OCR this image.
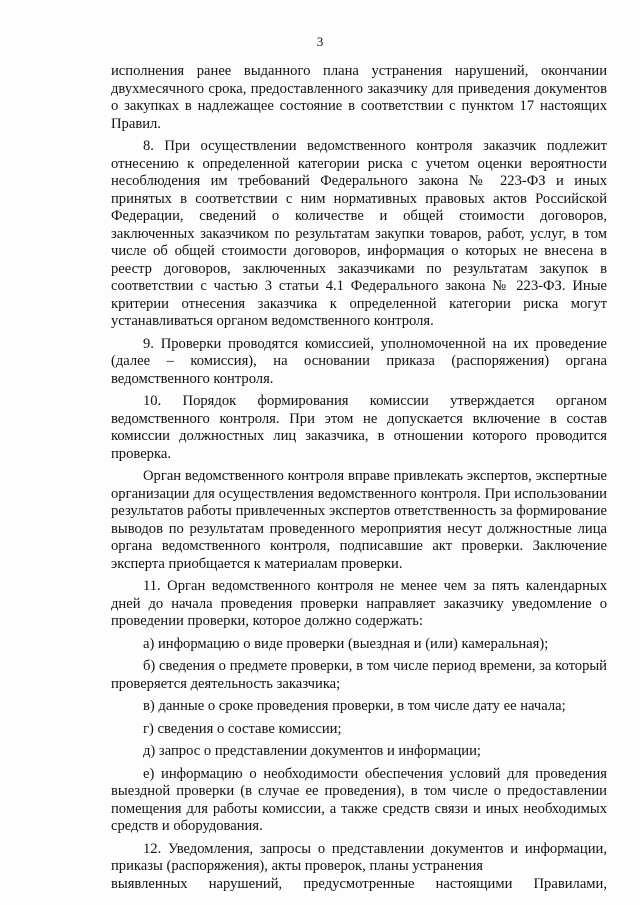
3

исполнения ранее выданного плана устранения нарушений, окончании двухмесячного срока, предоставленного заказчику для приведения документов о закупках в надлежащее состояние в соответствии с пунктом 17 настоящих Правил.

8. При осуществлении ведомственного контроля заказчик подлежит отнесению к определенной категории риска с учетом оценки вероятности несоблюдения им требований Федерального закона № 223-ФЗ и иных принятых в соответствии с ним нормативных правовых актов Российской Федерации, сведений о количестве и общей стоимости договоров, заключенных заказчиком по результатам закупки товаров, работ, услуг, в том числе об общей стоимости договоров, информация о которых не внесена в реестр договоров, заключенных заказчиками по результатам закупок в соответствии с частью 3 статьи 4.1 Федерального закона № 223-ФЗ. Иные критерии отнесения заказчика к определенной категории риска могут устанавливаться органом ведомственного контроля.

9. Проверки проводятся комиссией, уполномоченной на их проведение (далее – комиссия), на основании приказа (распоряжения) органа ведомственного контроля.

10. Порядок формирования комиссии утверждается органом ведомственного контроля. При этом не допускается включение в состав комиссии должностных лиц заказчика, в отношении которого проводится проверка.

Орган ведомственного контроля вправе привлекать экспертов, экспертные организации для осуществления ведомственного контроля. При использовании результатов работы привлеченных экспертов ответственность за формирование выводов по результатам проведенного мероприятия несут должностные лица органа ведомственного контроля, подписавшие акт проверки. Заключение эксперта приобщается к материалам проверки.

11. Орган ведомственного контроля не менее чем за пять календарных дней до начала проведения проверки направляет заказчику уведомление о проведении проверки, которое должно содержать:

а) информацию о виде проверки (выездная и (или) камеральная);

б) сведения о предмете проверки, в том числе период времени, за который проверяется деятельность заказчика;

в) данные о сроке проведения проверки, в том числе дату ее начала;

г) сведения о составе комиссии;

д) запрос о представлении документов и информации;

е) информацию о необходимости обеспечения условий для проведения выездной проверки (в случае ее проведения), в том числе о предоставлении помещения для работы комиссии, а также средств связи и иных необходимых средств и оборудования.

12. Уведомления, запросы о представлении документов и информации, приказы (распоряжения), акты проверок, планы устранения

выявленных нарушений, предусмотренные настоящими Правилами,
